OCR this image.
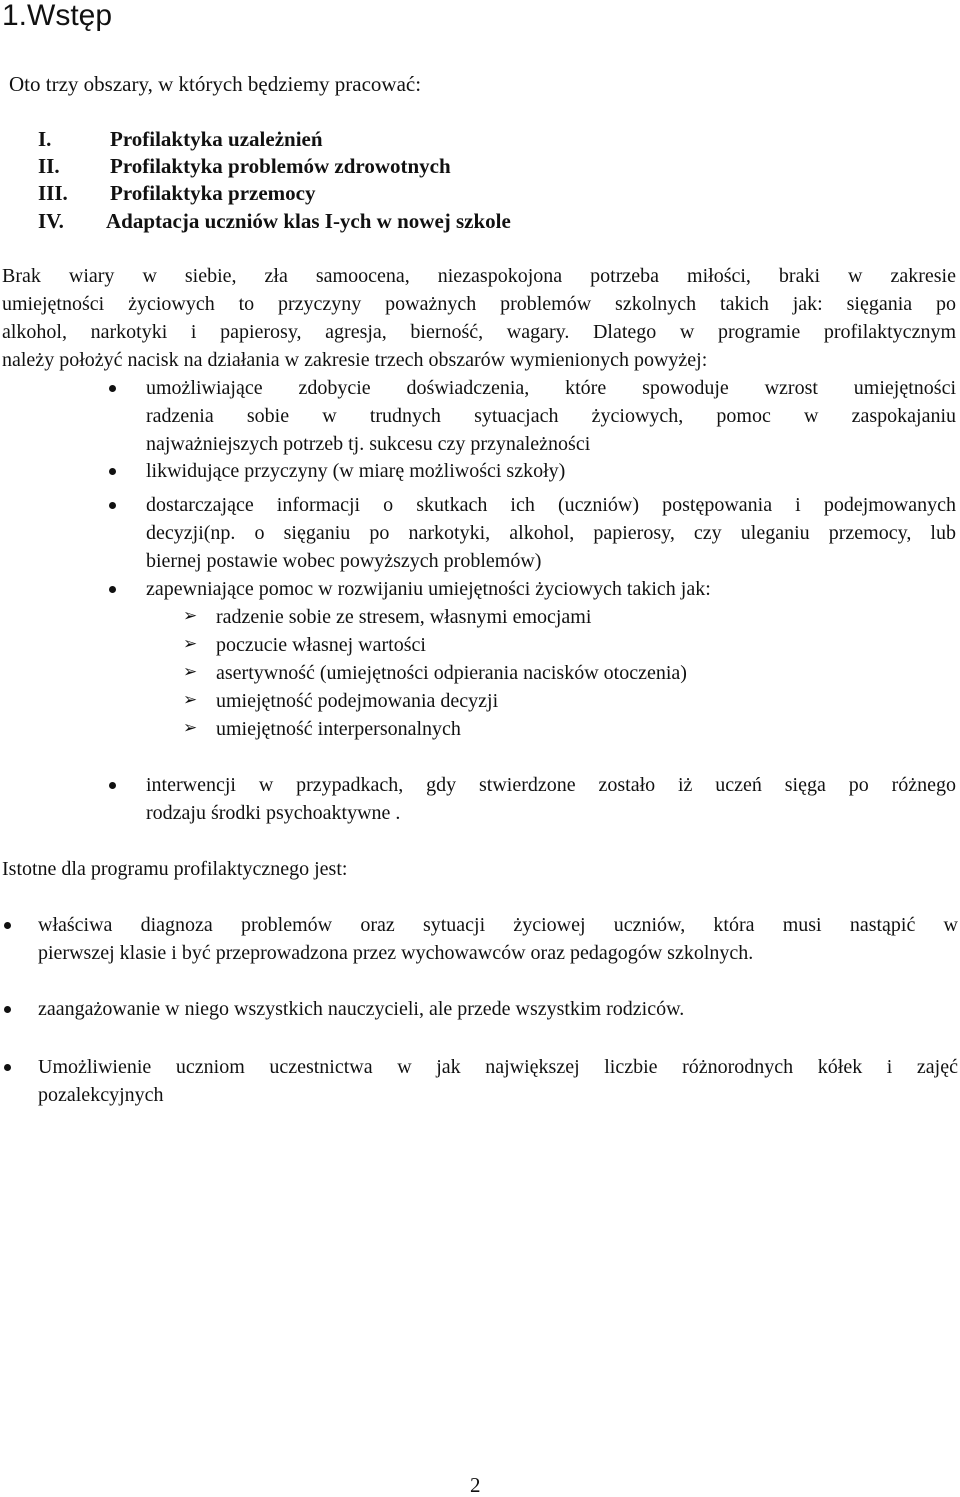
1.Wstęp
Oto trzy obszary, w których będziemy pracować:
I.	Profilaktyka uzależnień
II. Profilaktyka problemów zdrowotnych
III. Profilaktyka przemocy
IV. Adaptacja uczniów klas I-ych w nowej szkole
Brak wiary w siebie, zła samoocena, niezaspokojona potrzeba miłości, braki w zakresie
umiejętności życiowych to przyczyny poważnych problemów szkolnych takich jak: sięgania po
alkohol, narkotyki i papierosy, agresja, bierność, wagary. Dlatego w programie profilaktycznym
należy położyć nacisk na działania w zakresie trzech obszarów wymienionych powyżej:
umożliwiające zdobycie doświadczenia, które spowoduje wzrost umiejętności
radzenia sobie w trudnych sytuacjach życiowych, pomoc w zaspokajaniu
najważniejszych potrzeb tj. sukcesu czy przynależności
likwidujące przyczyny (w miarę możliwości szkoły)
dostarczające informacji o skutkach ich (uczniów) postępowania i podejmowanych
decyzji(np. o sięganiu po narkotyki, alkohol, papierosy, czy uleganiu przemocy, lub
biernej postawie wobec powyższych problemów)
zapewniające pomoc w rozwijaniu umiejętności życiowych takich jak:
➢ radzenie sobie ze stresem, własnymi emocjami
➢ poczucie własnej wartości
➢ asertywność (umiejętności odpierania nacisków otoczenia)
➢ umiejętność podejmowania decyzji
➢ umiejętność interpersonalnych
interwencji w przypadkach, gdy stwierdzone zostało iż uczeń sięga po różnego
rodzaju środki psychoaktywne .
Istotne dla programu profilaktycznego jest:
właściwa diagnoza problemów oraz sytuacji życiowej uczniów, która musi nastąpić w
pierwszej klasie i być przeprowadzona przez wychowawców oraz pedagogów szkolnych.
zaangażowanie w niego wszystkich nauczycieli, ale przede wszystkim rodziców.
Umożliwienie uczniom uczestnictwa w jak największej liczbie różnorodnych kółek i zajęć
pozalekcyjnych
2
